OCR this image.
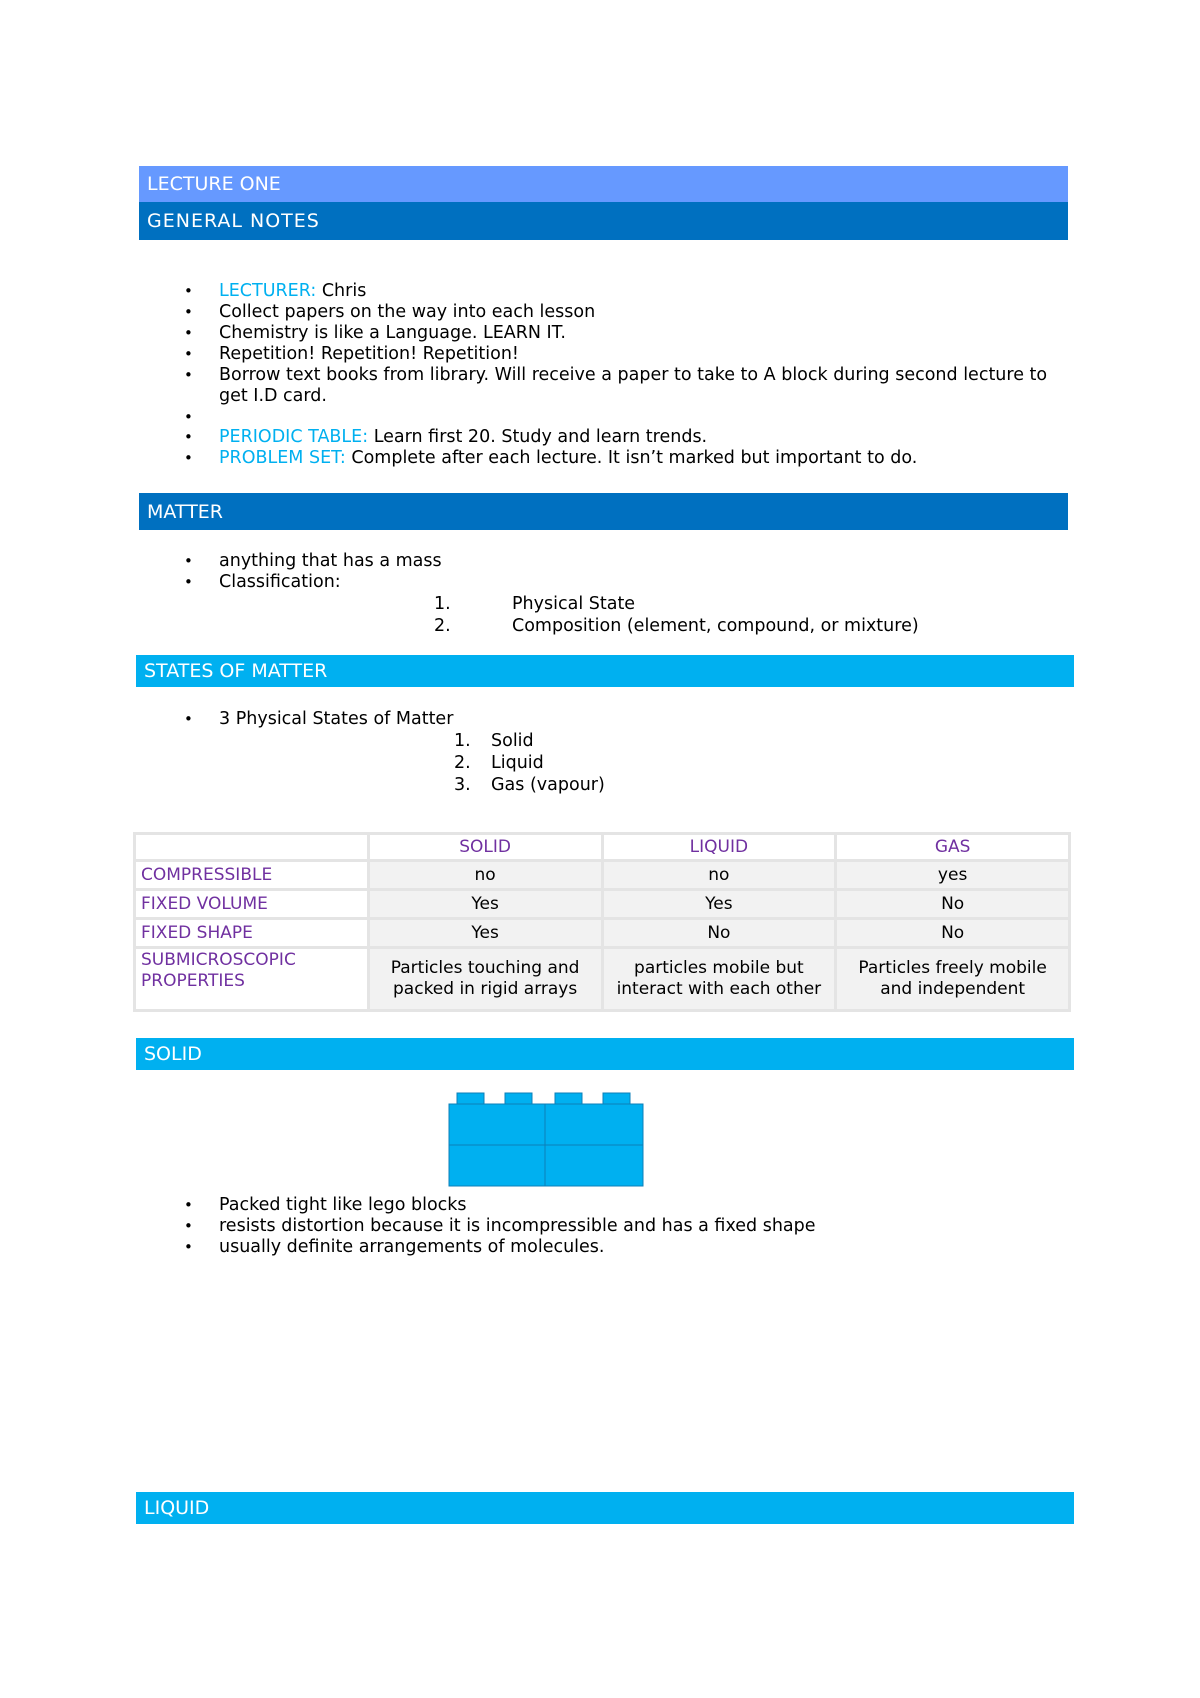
LECTURE ONE
GENERAL NOTES
• LECTURER: Chris
• Collect papers on the way into each lesson
• Chemistry is like a Language. LEARN IT.
• Repetition! Repetition! Repetition!
• Borrow text books from library. Will receive a paper to take to A block during second lecture to get I.D card.
•
• PERIODIC TABLE: Learn first 20. Study and learn trends.
• PROBLEM SET: Complete after each lecture. It isn’t marked but important to do.
MATTER
• anything that has a mass
• Classification:
1.	Physical State
2.	Composition (element, compound, or mixture)
STATES OF MATTER
• 3 Physical States of Matter
1.	Solid
2.	Liquid
3.	Gas (vapour)
	SOLID	LIQUID	GAS
COMPRESSIBLE	no	no	yes
FIXED VOLUME	Yes	Yes	No
FIXED SHAPE	Yes	No	No
SUBMICROSCOPIC PROPERTIES	Particles touching and packed in rigid arrays	particles mobile but interact with each other	Particles freely mobile and independent
SOLID
• Packed tight like lego blocks
• resists distortion because it is incompressible and has a fixed shape
• usually definite arrangements of molecules.
LIQUID
